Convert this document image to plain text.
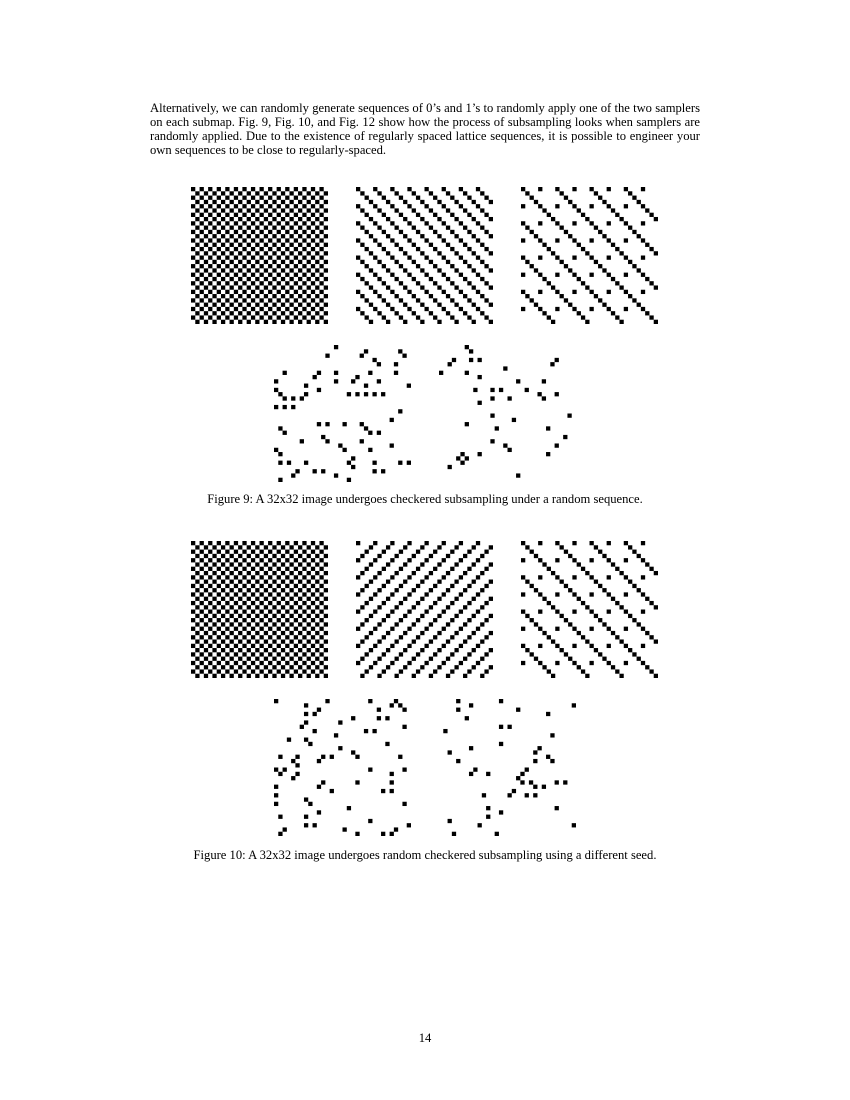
Alternatively, we can randomly generate sequences of 0’s and 1’s to randomly apply one of the two samplers on each submap. Fig. 9, Fig. 10, and Fig. 12 show how the process of subsampling looks when samplers are randomly applied. Due to the existence of regularly spaced lattice sequences, it is possible to engineer your own sequences to be close to regularly-spaced.

Figure 9: A 32x32 image undergoes checkered subsampling under a random sequence.

Figure 10: A 32x32 image undergoes random checkered subsampling using a different seed.

14
